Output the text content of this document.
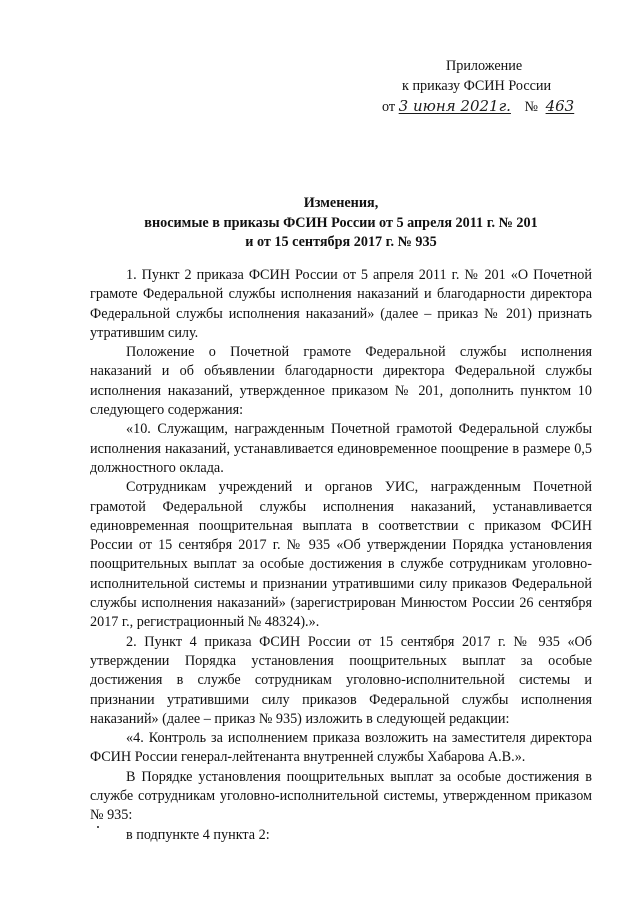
Приложение
к приказу ФСИН России
от 3 июня 2021г. № 463
Изменения,
вносимые в приказы ФСИН России от 5 апреля 2011 г. № 201
и от 15 сентября 2017 г. № 935

1. Пункт 2 приказа ФСИН России от 5 апреля 2011 г. № 201 «О Почетной грамоте Федеральной службы исполнения наказаний и благодарности директора Федеральной службы исполнения наказаний» (далее – приказ № 201) признать утратившим силу.

Положение о Почетной грамоте Федеральной службы исполнения наказаний и об объявлении благодарности директора Федеральной службы исполнения наказаний, утвержденное приказом № 201, дополнить пунктом 10 следующего содержания:

«10. Служащим, награжденным Почетной грамотой Федеральной службы исполнения наказаний, устанавливается единовременное поощрение в размере 0,5 должностного оклада.

Сотрудникам учреждений и органов УИС, награжденным Почетной грамотой Федеральной службы исполнения наказаний, устанавливается единовременная поощрительная выплата в соответствии с приказом ФСИН России от 15 сентября 2017 г. № 935 «Об утверждении Порядка установления поощрительных выплат за особые достижения в службе сотрудникам уголовно-исполнительной системы и признании утратившими силу приказов Федеральной службы исполнения наказаний» (зарегистрирован Минюстом России 26 сентября 2017 г., регистрационный № 48324).».

2. Пункт 4 приказа ФСИН России от 15 сентября 2017 г. № 935 «Об утверждении Порядка установления поощрительных выплат за особые достижения в службе сотрудникам уголовно-исполнительной системы и признании утратившими силу приказов Федеральной службы исполнения наказаний» (далее – приказ № 935) изложить в следующей редакции:

«4. Контроль за исполнением приказа возложить на заместителя директора ФСИН России генерал-лейтенанта внутренней службы Хабарова А.В.».

В Порядке установления поощрительных выплат за особые достижения в службе сотрудникам уголовно-исполнительной системы, утвержденном приказом № 935:

в подпункте 4 пункта 2:
